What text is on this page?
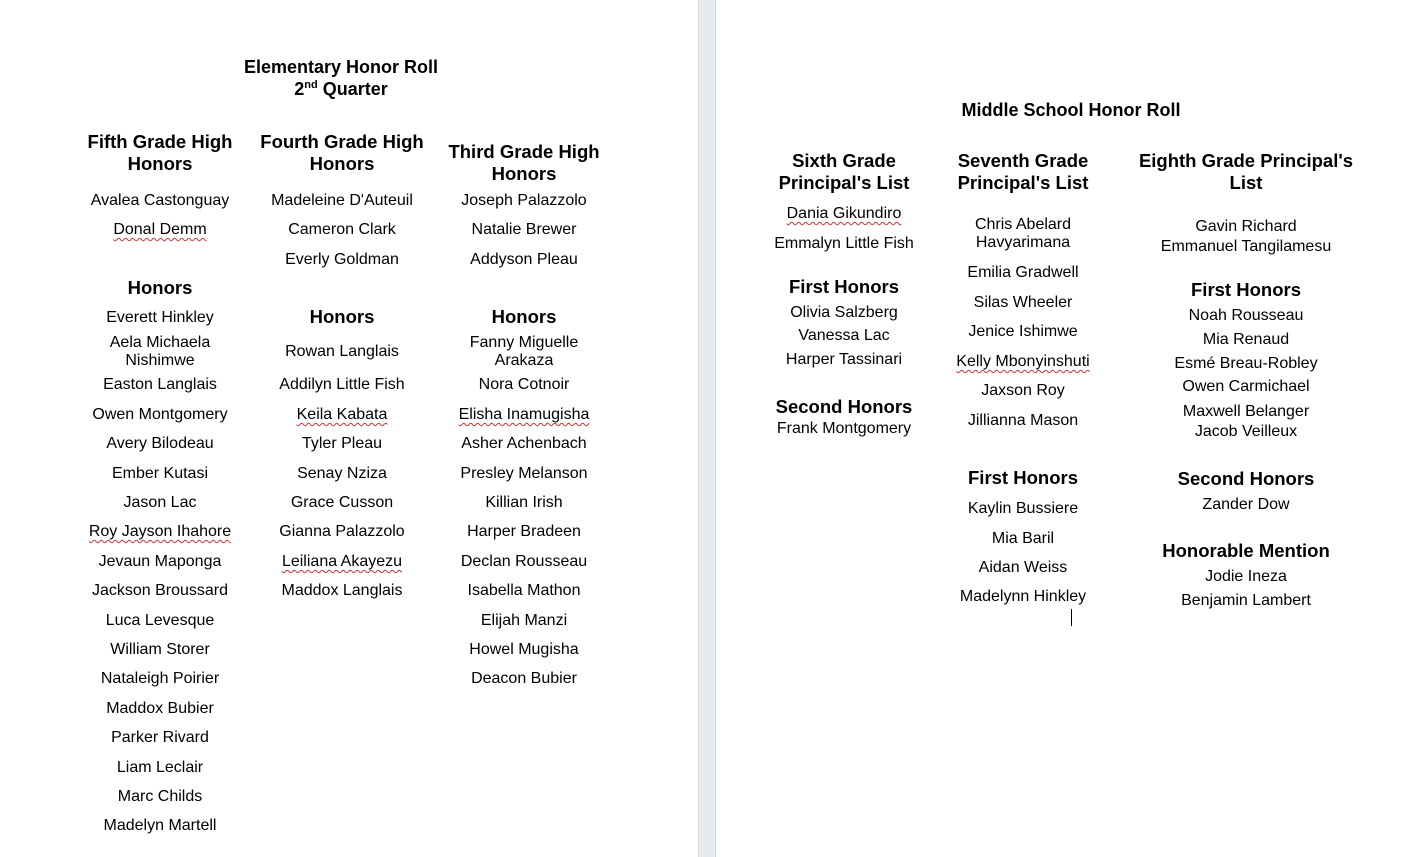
Elementary Honor Roll
2nd Quarter
Fifth Grade High Honors
Avalea Castonguay
Donal Demm
Honors
Everett Hinkley
Aela Michaela Nishimwe
Easton Langlais
Owen Montgomery
Avery Bilodeau
Ember Kutasi
Jason Lac
Roy Jayson Ihahore
Jevaun Maponga
Jackson Broussard
Luca Levesque
William Storer
Nataleigh Poirier
Maddox Bubier
Parker Rivard
Liam Leclair
Marc Childs
Madelyn Martell
Fourth Grade High Honors
Madeleine D'Auteuil
Cameron Clark
Everly Goldman
Honors
Rowan Langlais
Addilyn Little Fish
Keila Kabata
Tyler Pleau
Senay Nziza
Grace Cusson
Gianna Palazzolo
Leiliana Akayezu
Maddox Langlais
Third Grade High Honors
Joseph Palazzolo
Natalie Brewer
Addyson Pleau
Honors
Fanny Miguelle Arakaza
Nora Cotnoir
Elisha Inamugisha
Asher Achenbach
Presley Melanson
Killian Irish
Harper Bradeen
Declan Rousseau
Isabella Mathon
Elijah Manzi
Howel Mugisha
Deacon Bubier
Middle School Honor Roll
Sixth Grade Principal's List
Dania Gikundiro
Emmalyn Little Fish
First Honors
Olivia Salzberg
Vanessa Lac
Harper Tassinari
Second Honors
Frank Montgomery
Seventh Grade Principal's List
Chris Abelard Havyarimana
Emilia Gradwell
Silas Wheeler
Jenice Ishimwe
Kelly Mbonyinshuti
Jaxson Roy
Jillianna Mason
First Honors
Kaylin Bussiere
Mia Baril
Aidan Weiss
Madelynn Hinkley
Eighth Grade Principal's List
Gavin Richard
Emmanuel Tangilamesu
First Honors
Noah Rousseau
Mia Renaud
Esmé Breau-Robley
Owen Carmichael
Maxwell Belanger
Jacob Veilleux
Second Honors
Zander Dow
Honorable Mention
Jodie Ineza
Benjamin Lambert
